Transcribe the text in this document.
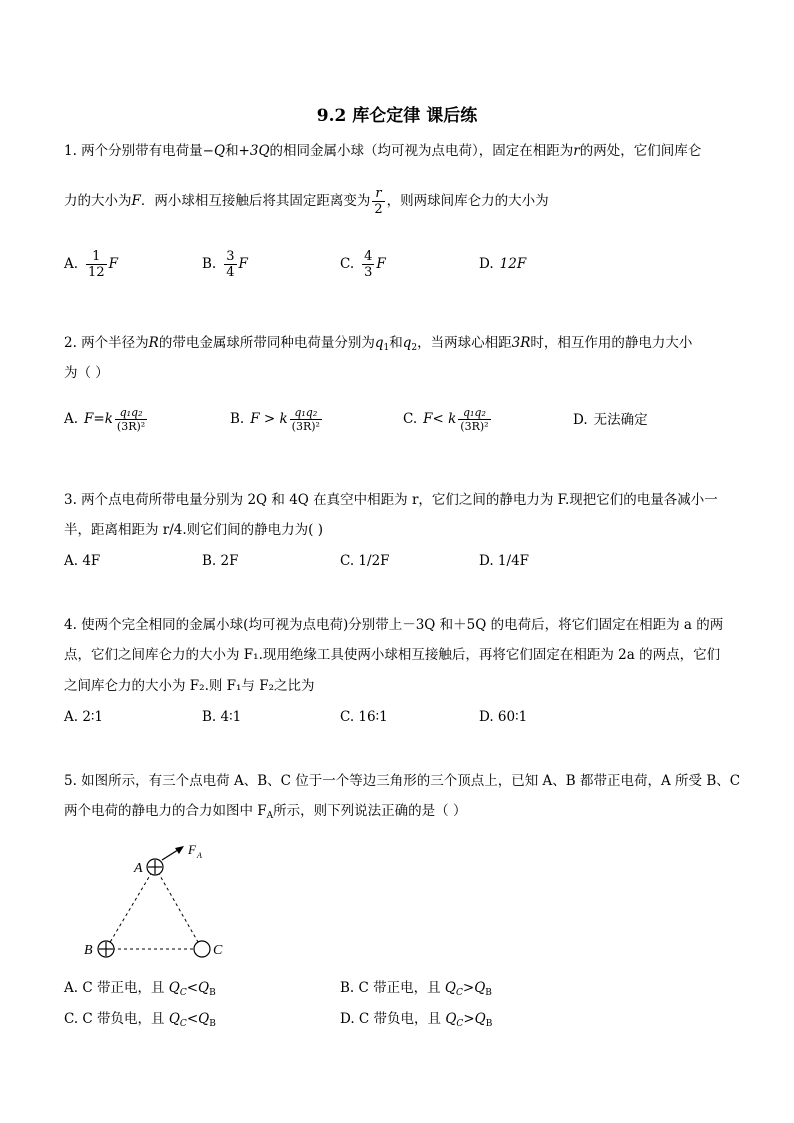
9.2 库仑定律 课后练
1. 两个分别带有电荷量−Q和+3Q的相同金属小球（均可视为点电荷），固定在相距为r的两处，它们间库仑
力的大小为F．两小球相互接触后将其固定距离变为 $\frac{r}{2}$ ，则两球间库仑力的大小为
A. $\frac{1}{12}$ F	B. $\frac{3}{4}$ F	C. $\frac{4}{3}$ F	D. 12F
2. 两个半径为R的带电金属球所带同种电荷量分别为$q_1$和$q_2$，当两球心相距3R时，相互作用的静电力大小
为（ ）
A. $F=k \frac{\text{q₁q₂}}{\text{(3R)²}}$	B. F > k $\frac{\text{q₁q₂}}{\text{(3R)²}}$	C. F< k $\frac{\text{q₁q₂}}{\text{(3R)²}}$	D. 无法确定
3. 两个点电荷所带电量分别为 2Q 和 4Q 在真空中相距为 r，它们之间的静电力为 F.现把它们的电量各减小一
半，距离相距为 r/4.则它们间的静电力为( )
A. 4F	B. 2F	C. 1/2F	D. 1/4F
4. 使两个完全相同的金属小球(均可视为点电荷)分别带上－3Q 和＋5Q 的电荷后，将它们固定在相距为 a 的两
点，它们之间库仑力的大小为 F₁.现用绝缘工具使两小球相互接触后，再将它们固定在相距为 2a 的两点，它们
之间库仑力的大小为 F₂.则 F₁与 F₂之比为
A. 2∶1	B. 4∶1	C. 16∶1	D. 60∶1
5. 如图所示，有三个点电荷 A、B、C 位于一个等边三角形的三个顶点上，已知 A、B 都带正电荷，A 所受 B、C
两个电荷的静电力的合力如图中 $F_A$所示，则下列说法正确的是（ ）
A
B	C
F A
A. C 带正电，且 $Q_C<Q_B$	B. C 带正电，且 $Q_C>Q_B$
C. C 带负电，且 $Q_C<Q_B$	D. C 带负电，且 $Q_C>Q_B$
